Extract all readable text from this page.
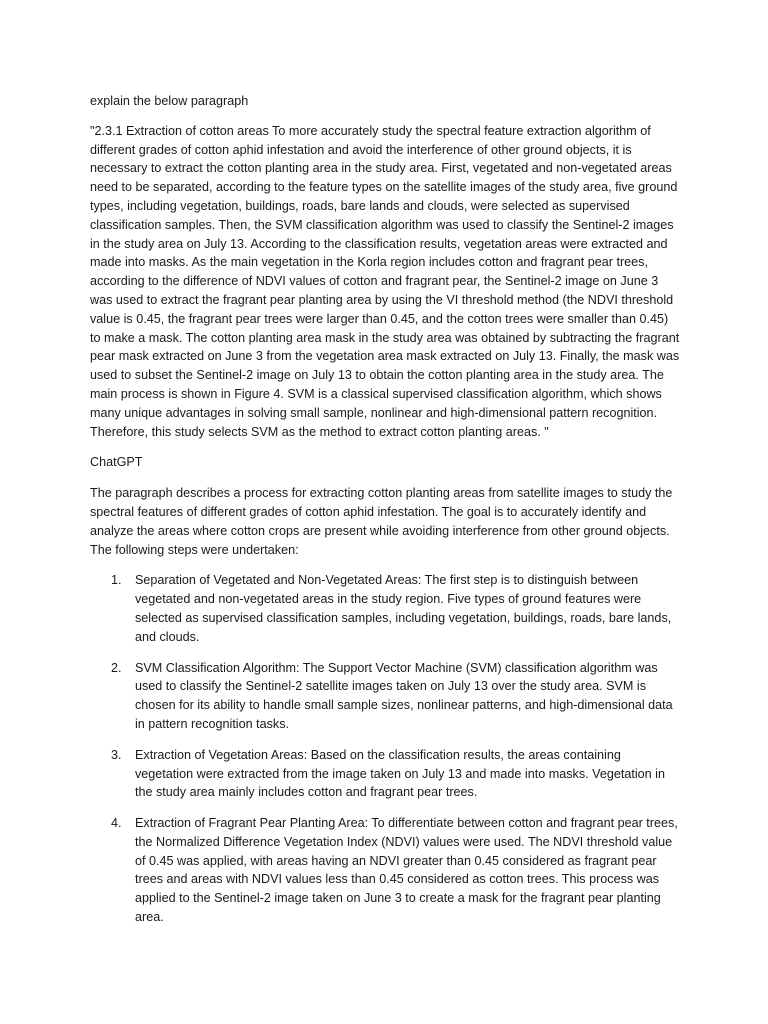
explain the below paragraph

"2.3.1 Extraction of cotton areas To more accurately study the spectral feature extraction algorithm of different grades of cotton aphid infestation and avoid the interference of other ground objects, it is necessary to extract the cotton planting area in the study area. First, vegetated and non-vegetated areas need to be separated, according to the feature types on the satellite images of the study area, five ground types, including vegetation, buildings, roads, bare lands and clouds, were selected as supervised classification samples. Then, the SVM classification algorithm was used to classify the Sentinel-2 images in the study area on July 13. According to the classification results, vegetation areas were extracted and made into masks. As the main vegetation in the Korla region includes cotton and fragrant pear trees, according to the difference of NDVI values of cotton and fragrant pear, the Sentinel-2 image on June 3 was used to extract the fragrant pear planting area by using the VI threshold method (the NDVI threshold value is 0.45, the fragrant pear trees were larger than 0.45, and the cotton trees were smaller than 0.45) to make a mask. The cotton planting area mask in the study area was obtained by subtracting the fragrant pear mask extracted on June 3 from the vegetation area mask extracted on July 13. Finally, the mask was used to subset the Sentinel-2 image on July 13 to obtain the cotton planting area in the study area. The main process is shown in Figure 4. SVM is a classical supervised classification algorithm, which shows many unique advantages in solving small sample, nonlinear and high-dimensional pattern recognition. Therefore, this study selects SVM as the method to extract cotton planting areas. "

ChatGPT

The paragraph describes a process for extracting cotton planting areas from satellite images to study the spectral features of different grades of cotton aphid infestation. The goal is to accurately identify and analyze the areas where cotton crops are present while avoiding interference from other ground objects. The following steps were undertaken:

1. Separation of Vegetated and Non-Vegetated Areas: The first step is to distinguish between vegetated and non-vegetated areas in the study region. Five types of ground features were selected as supervised classification samples, including vegetation, buildings, roads, bare lands, and clouds.
2. SVM Classification Algorithm: The Support Vector Machine (SVM) classification algorithm was used to classify the Sentinel-2 satellite images taken on July 13 over the study area. SVM is chosen for its ability to handle small sample sizes, nonlinear patterns, and high-dimensional data in pattern recognition tasks.
3. Extraction of Vegetation Areas: Based on the classification results, the areas containing vegetation were extracted from the image taken on July 13 and made into masks. Vegetation in the study area mainly includes cotton and fragrant pear trees.
4. Extraction of Fragrant Pear Planting Area: To differentiate between cotton and fragrant pear trees, the Normalized Difference Vegetation Index (NDVI) values were used. The NDVI threshold value of 0.45 was applied, with areas having an NDVI greater than 0.45 considered as fragrant pear trees and areas with NDVI values less than 0.45 considered as cotton trees. This process was applied to the Sentinel-2 image taken on June 3 to create a mask for the fragrant pear planting area.
